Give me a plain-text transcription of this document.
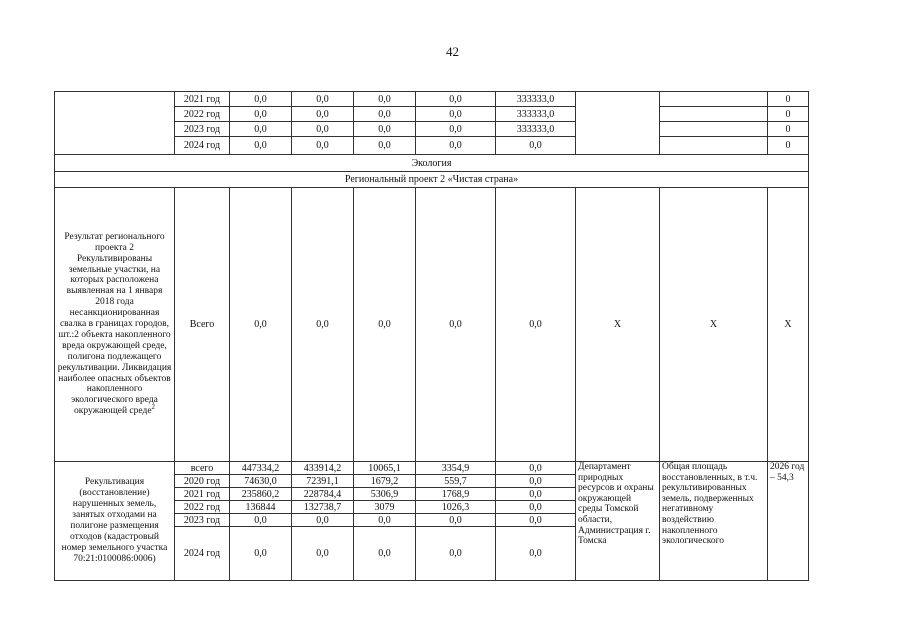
42
	2021 год	0,0	0,0	0,0	0,0	333333,0			0
	2022 год	0,0	0,0	0,0	0,0	333333,0			0
	2023 год	0,0	0,0	0,0	0,0	333333,0			0
	2024 год	0,0	0,0	0,0	0,0	0,0			0
Экология									
Региональный проект 2 «Чистая страна»									
Результат регионального проекта 2 Рекультивированы земельные участки, на которых расположена выявленная на 1 января 2018 года несанкционированная свалка в границах городов, шт.:2 объекта накопленного вреда окружающей среде, полигона подлежащего рекультивации. Ликвидация наиболее опасных объектов накопленного экологического вреда окружающей среде$^2$	Всего	0,0	0,0	0,0	0,0	0,0	X	X	X
Рекультивация (восстановление) нарушенных земель, занятых отходами на полигоне размещения отходов (кадастровый номер земельного участка 70:21:0100086:0006)	всего	447334,2	433914,2	10065,1	3354,9	0,0	Департамент природных ресурсов и охраны окружающей среды Томской области, Администрация г. Томска	Общая площадь восстановленных, в т.ч. рекультивированных земель, подверженных негативному воздействию накопленного экологического	2026 год – 54,3
	2020 год	74630,0	72391,1	1679,2	559,7	0,0			
	2021 год	235860,2	228784,4	5306,9	1768,9	0,0			
	2022 год	136844	132738,7	3079	1026,3	0,0			
	2023 год	0,0	0,0	0,0	0,0	0,0			
	2024 год	0,0	0,0	0,0	0,0	0,0			
